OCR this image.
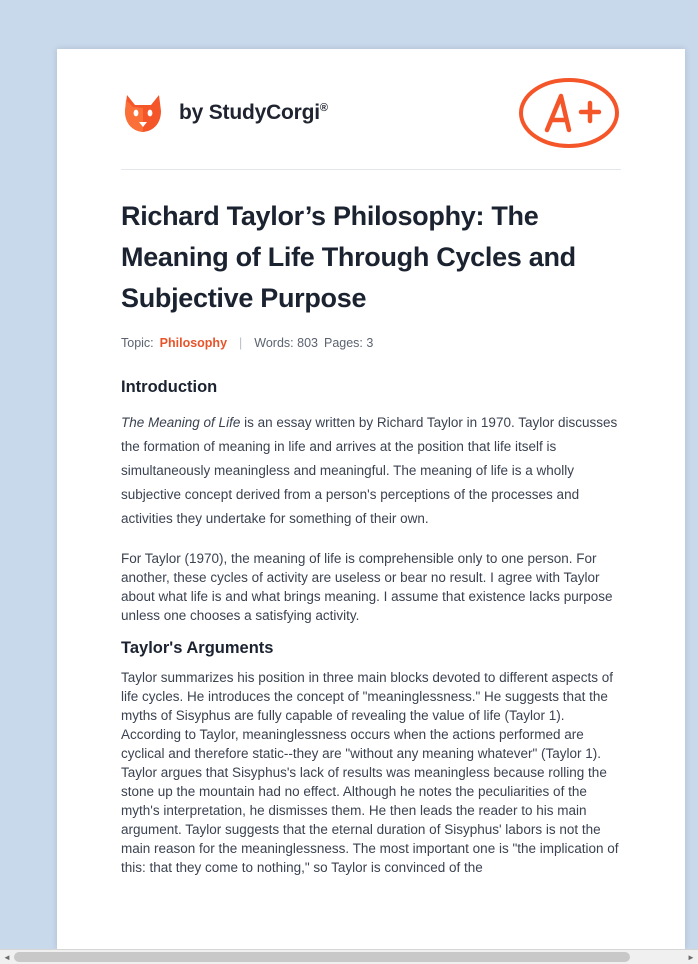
by StudyCorgi®
Richard Taylor’s Philosophy: The Meaning of Life Through Cycles and Subjective Purpose
Topic: Philosophy | Words: 803 Pages: 3
Introduction

The Meaning of Life is an essay written by Richard Taylor in 1970. Taylor discusses the formation of meaning in life and arrives at the position that life itself is simultaneously meaningless and meaningful. The meaning of life is a wholly subjective concept derived from a person's perceptions of the processes and activities they undertake for something of their own.

For Taylor (1970), the meaning of life is comprehensible only to one person. For another, these cycles of activity are useless or bear no result. I agree with Taylor about what life is and what brings meaning. I assume that existence lacks purpose unless one chooses a satisfying activity.

Taylor's Arguments

Taylor summarizes his position in three main blocks devoted to different aspects of life cycles. He introduces the concept of "meaninglessness." He suggests that the myths of Sisyphus are fully capable of revealing the value of life (Taylor 1). According to Taylor, meaninglessness occurs when the actions performed are cyclical and therefore static--they are "without any meaning whatever" (Taylor 1). Taylor argues that Sisyphus's lack of results was meaningless because rolling the stone up the mountain had no effect. Although he notes the peculiarities of the myth's interpretation, he dismisses them. He then leads the reader to his main argument. Taylor suggests that the eternal duration of Sisyphus' labors is not the main reason for the meaninglessness. The most important one is "the implication of this: that they come to nothing," so Taylor is convinced of the

◄	►
